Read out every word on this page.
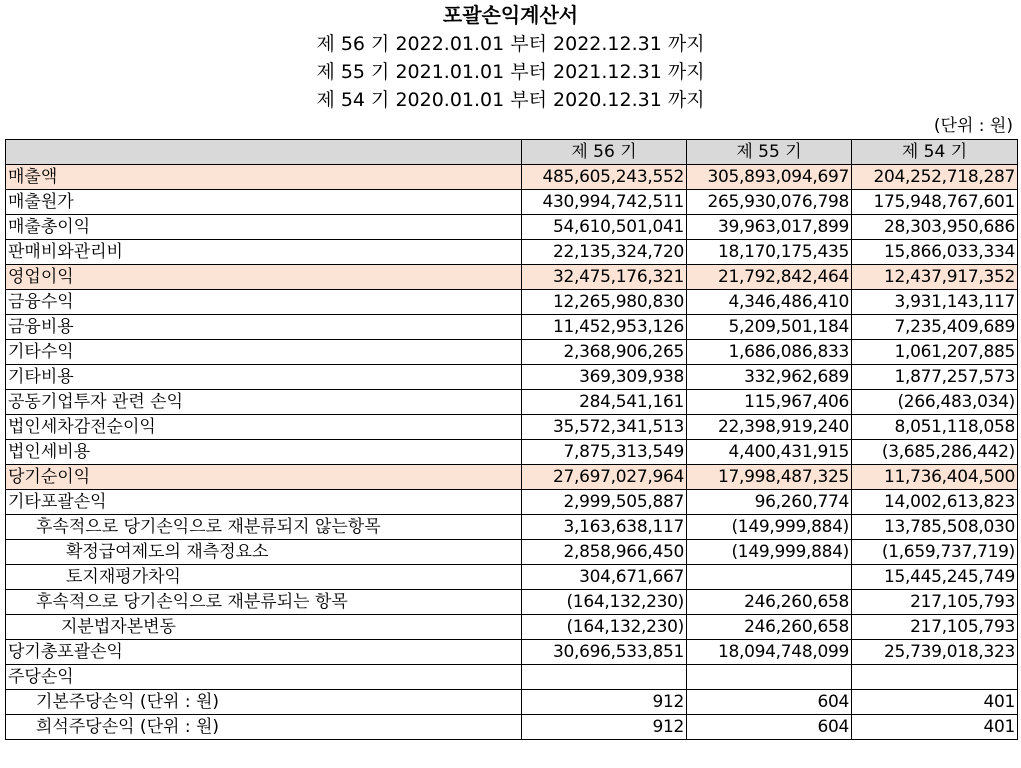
포괄손익계산서
제 56 기 2022.01.01 부터 2022.12.31 까지
제 55 기 2021.01.01 부터 2021.12.31 까지
제 54 기 2020.01.01 부터 2020.12.31 까지
(단위 : 원)
	제 56 기	제 55 기	제 54 기
매출액	485,605,243,552	305,893,094,697	204,252,718,287
매출원가	430,994,742,511	265,930,076,798	175,948,767,601
매출총이익	54,610,501,041	39,963,017,899	28,303,950,686
판매비와관리비	22,135,324,720	18,170,175,435	15,866,033,334
영업이익	32,475,176,321	21,792,842,464	12,437,917,352
금융수익	12,265,980,830	4,346,486,410	3,931,143,117
금융비용	11,452,953,126	5,209,501,184	7,235,409,689
기타수익	2,368,906,265	1,686,086,833	1,061,207,885
기타비용	369,309,938	332,962,689	1,877,257,573
공동기업투자 관련 손익	284,541,161	115,967,406	(266,483,034)
법인세차감전순이익	35,572,341,513	22,398,919,240	8,051,118,058
법인세비용	7,875,313,549	4,400,431,915	(3,685,286,442)
당기순이익	27,697,027,964	17,998,487,325	11,736,404,500
기타포괄손익	2,999,505,887	96,260,774	14,002,613,823
후속적으로 당기손익으로 재분류되지 않는항목	3,163,638,117	(149,999,884)	13,785,508,030
확정급여제도의 재측정요소	2,858,966,450	(149,999,884)	(1,659,737,719)
토지재평가차익	304,671,667		15,445,245,749
후속적으로 당기손익으로 재분류되는 항목	(164,132,230)	246,260,658	217,105,793
지분법자본변동	(164,132,230)	246,260,658	217,105,793
당기총포괄손익	30,696,533,851	18,094,748,099	25,739,018,323
주당손익			
기본주당손익 (단위 : 원)	912	604	401
희석주당손익 (단위 : 원)	912	604	401
